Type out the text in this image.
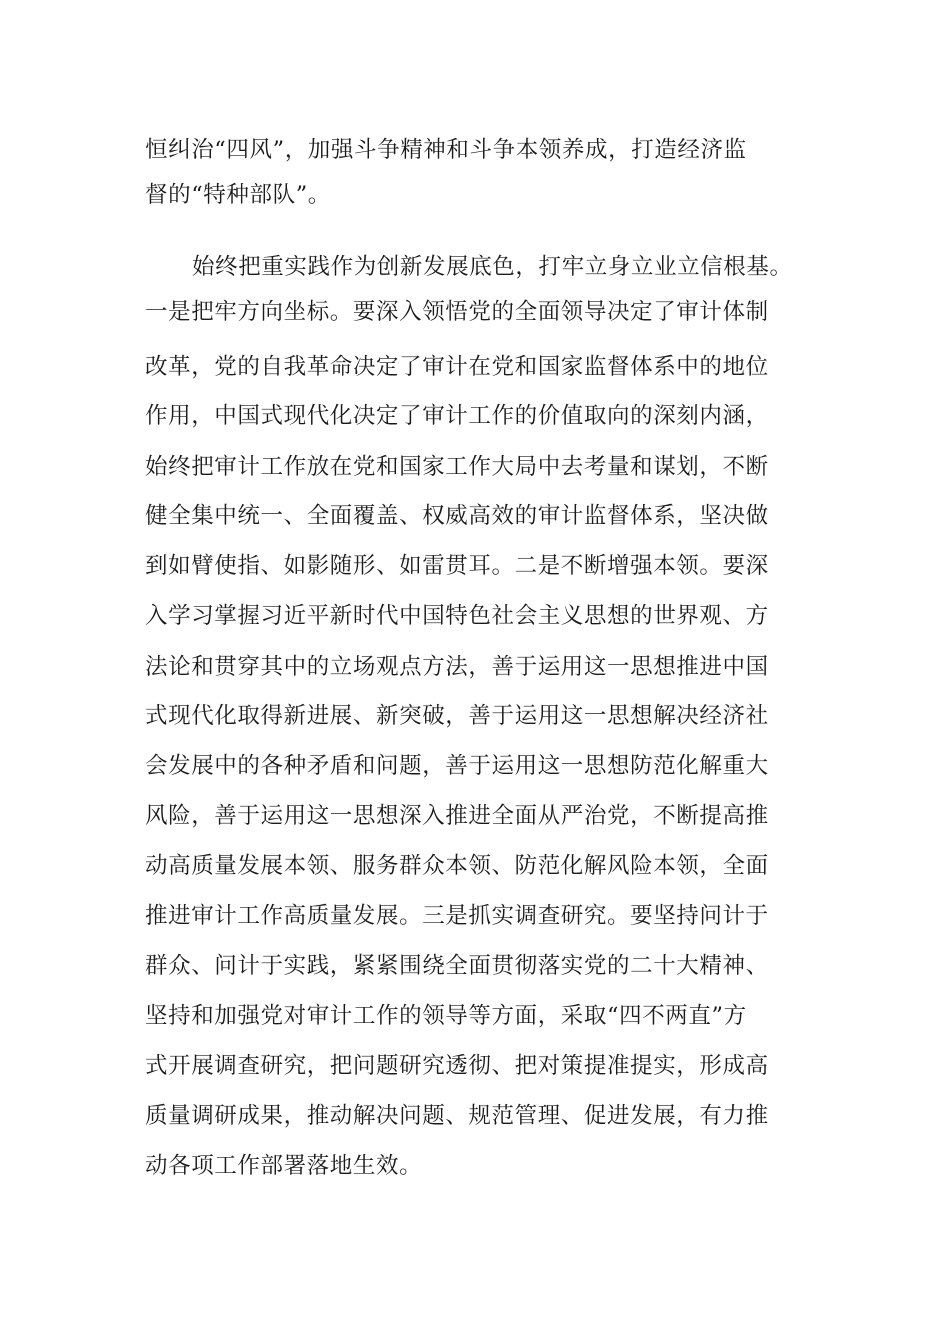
恒纠治“四风”，加强斗争精神和斗争本领养成，打造经济监
督的“特种部队”。
始终把重实践作为创新发展底色，打牢立身立业立信根基。
一是把牢方向坐标。要深入领悟党的全面领导决定了审计体制
改革，党的自我革命决定了审计在党和国家监督体系中的地位
作用，中国式现代化决定了审计工作的价值取向的深刻内涵，
始终把审计工作放在党和国家工作大局中去考量和谋划，不断
健全集中统一、全面覆盖、权威高效的审计监督体系，坚决做
到如臂使指、如影随形、如雷贯耳。二是不断增强本领。要深
入学习掌握习近平新时代中国特色社会主义思想的世界观、方
法论和贯穿其中的立场观点方法，善于运用这一思想推进中国
式现代化取得新进展、新突破，善于运用这一思想解决经济社
会发展中的各种矛盾和问题，善于运用这一思想防范化解重大
风险，善于运用这一思想深入推进全面从严治党，不断提高推
动高质量发展本领、服务群众本领、防范化解风险本领，全面
推进审计工作高质量发展。三是抓实调查研究。要坚持问计于
群众、问计于实践，紧紧围绕全面贯彻落实党的二十大精神、
坚持和加强党对审计工作的领导等方面，采取“四不两直”方
式开展调查研究，把问题研究透彻、把对策提准提实，形成高
质量调研成果，推动解决问题、规范管理、促进发展，有力推
动各项工作部署落地生效。
